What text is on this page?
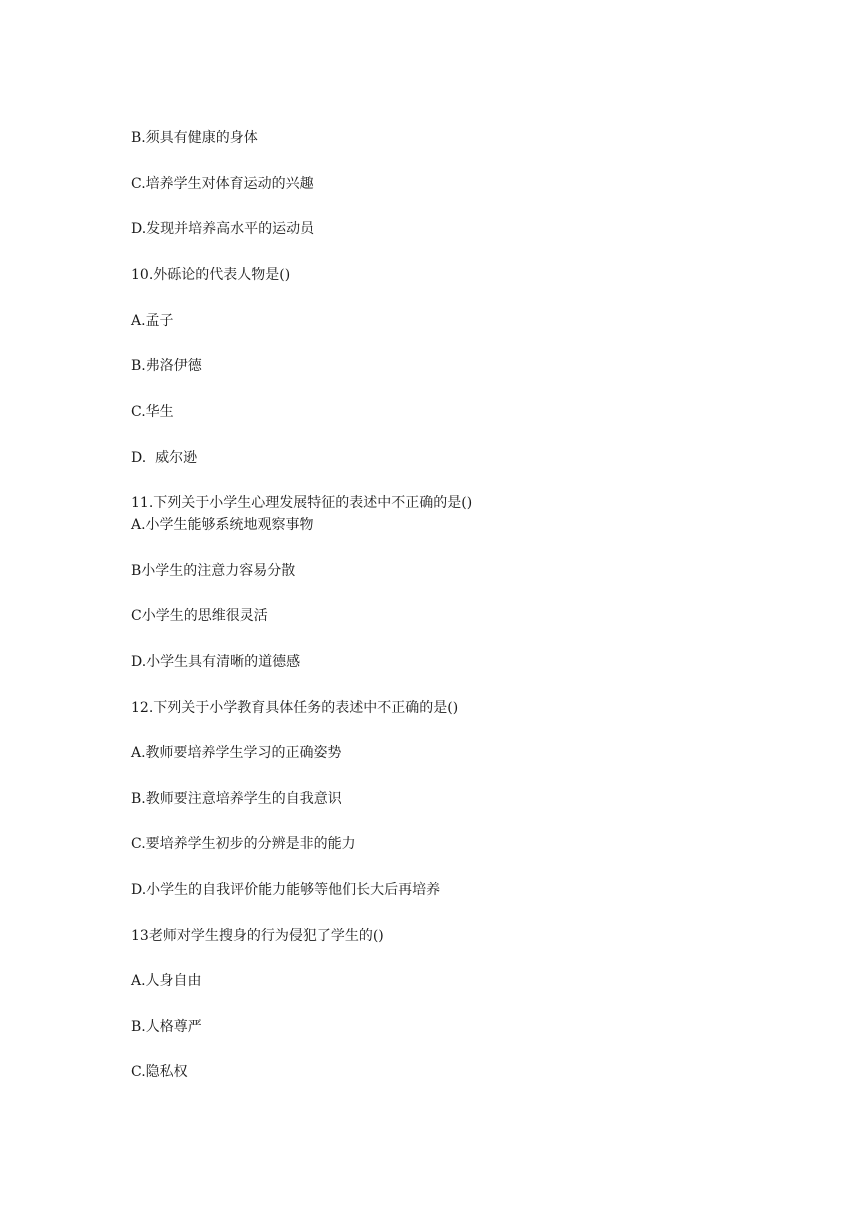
B.须具有健康的身体

C.培养学生对体育运动的兴趣

D.发现并培养高水平的运动员

10.外砾论的代表人物是()

A.孟子

B.弗洛伊德

C.华生

D.  威尔逊

11.下列关于小学生心理发展特征的表述中不正确的是()

A.小学生能够系统地观察事物

B小学生的注意力容易分散

C小学生的思维很灵活

D.小学生具有清晰的道德感

12.下列关于小学教育具体任务的表述中不正确的是()

A.教师要培养学生学习的正确姿势

B.教师要注意培养学生的自我意识

C.要培养学生初步的分辨是非的能力

D.小学生的自我评价能力能够等他们长大后再培养

13老师对学生搜身的行为侵犯了学生的()

A.人身自由

B.人格尊严

C.隐私权
